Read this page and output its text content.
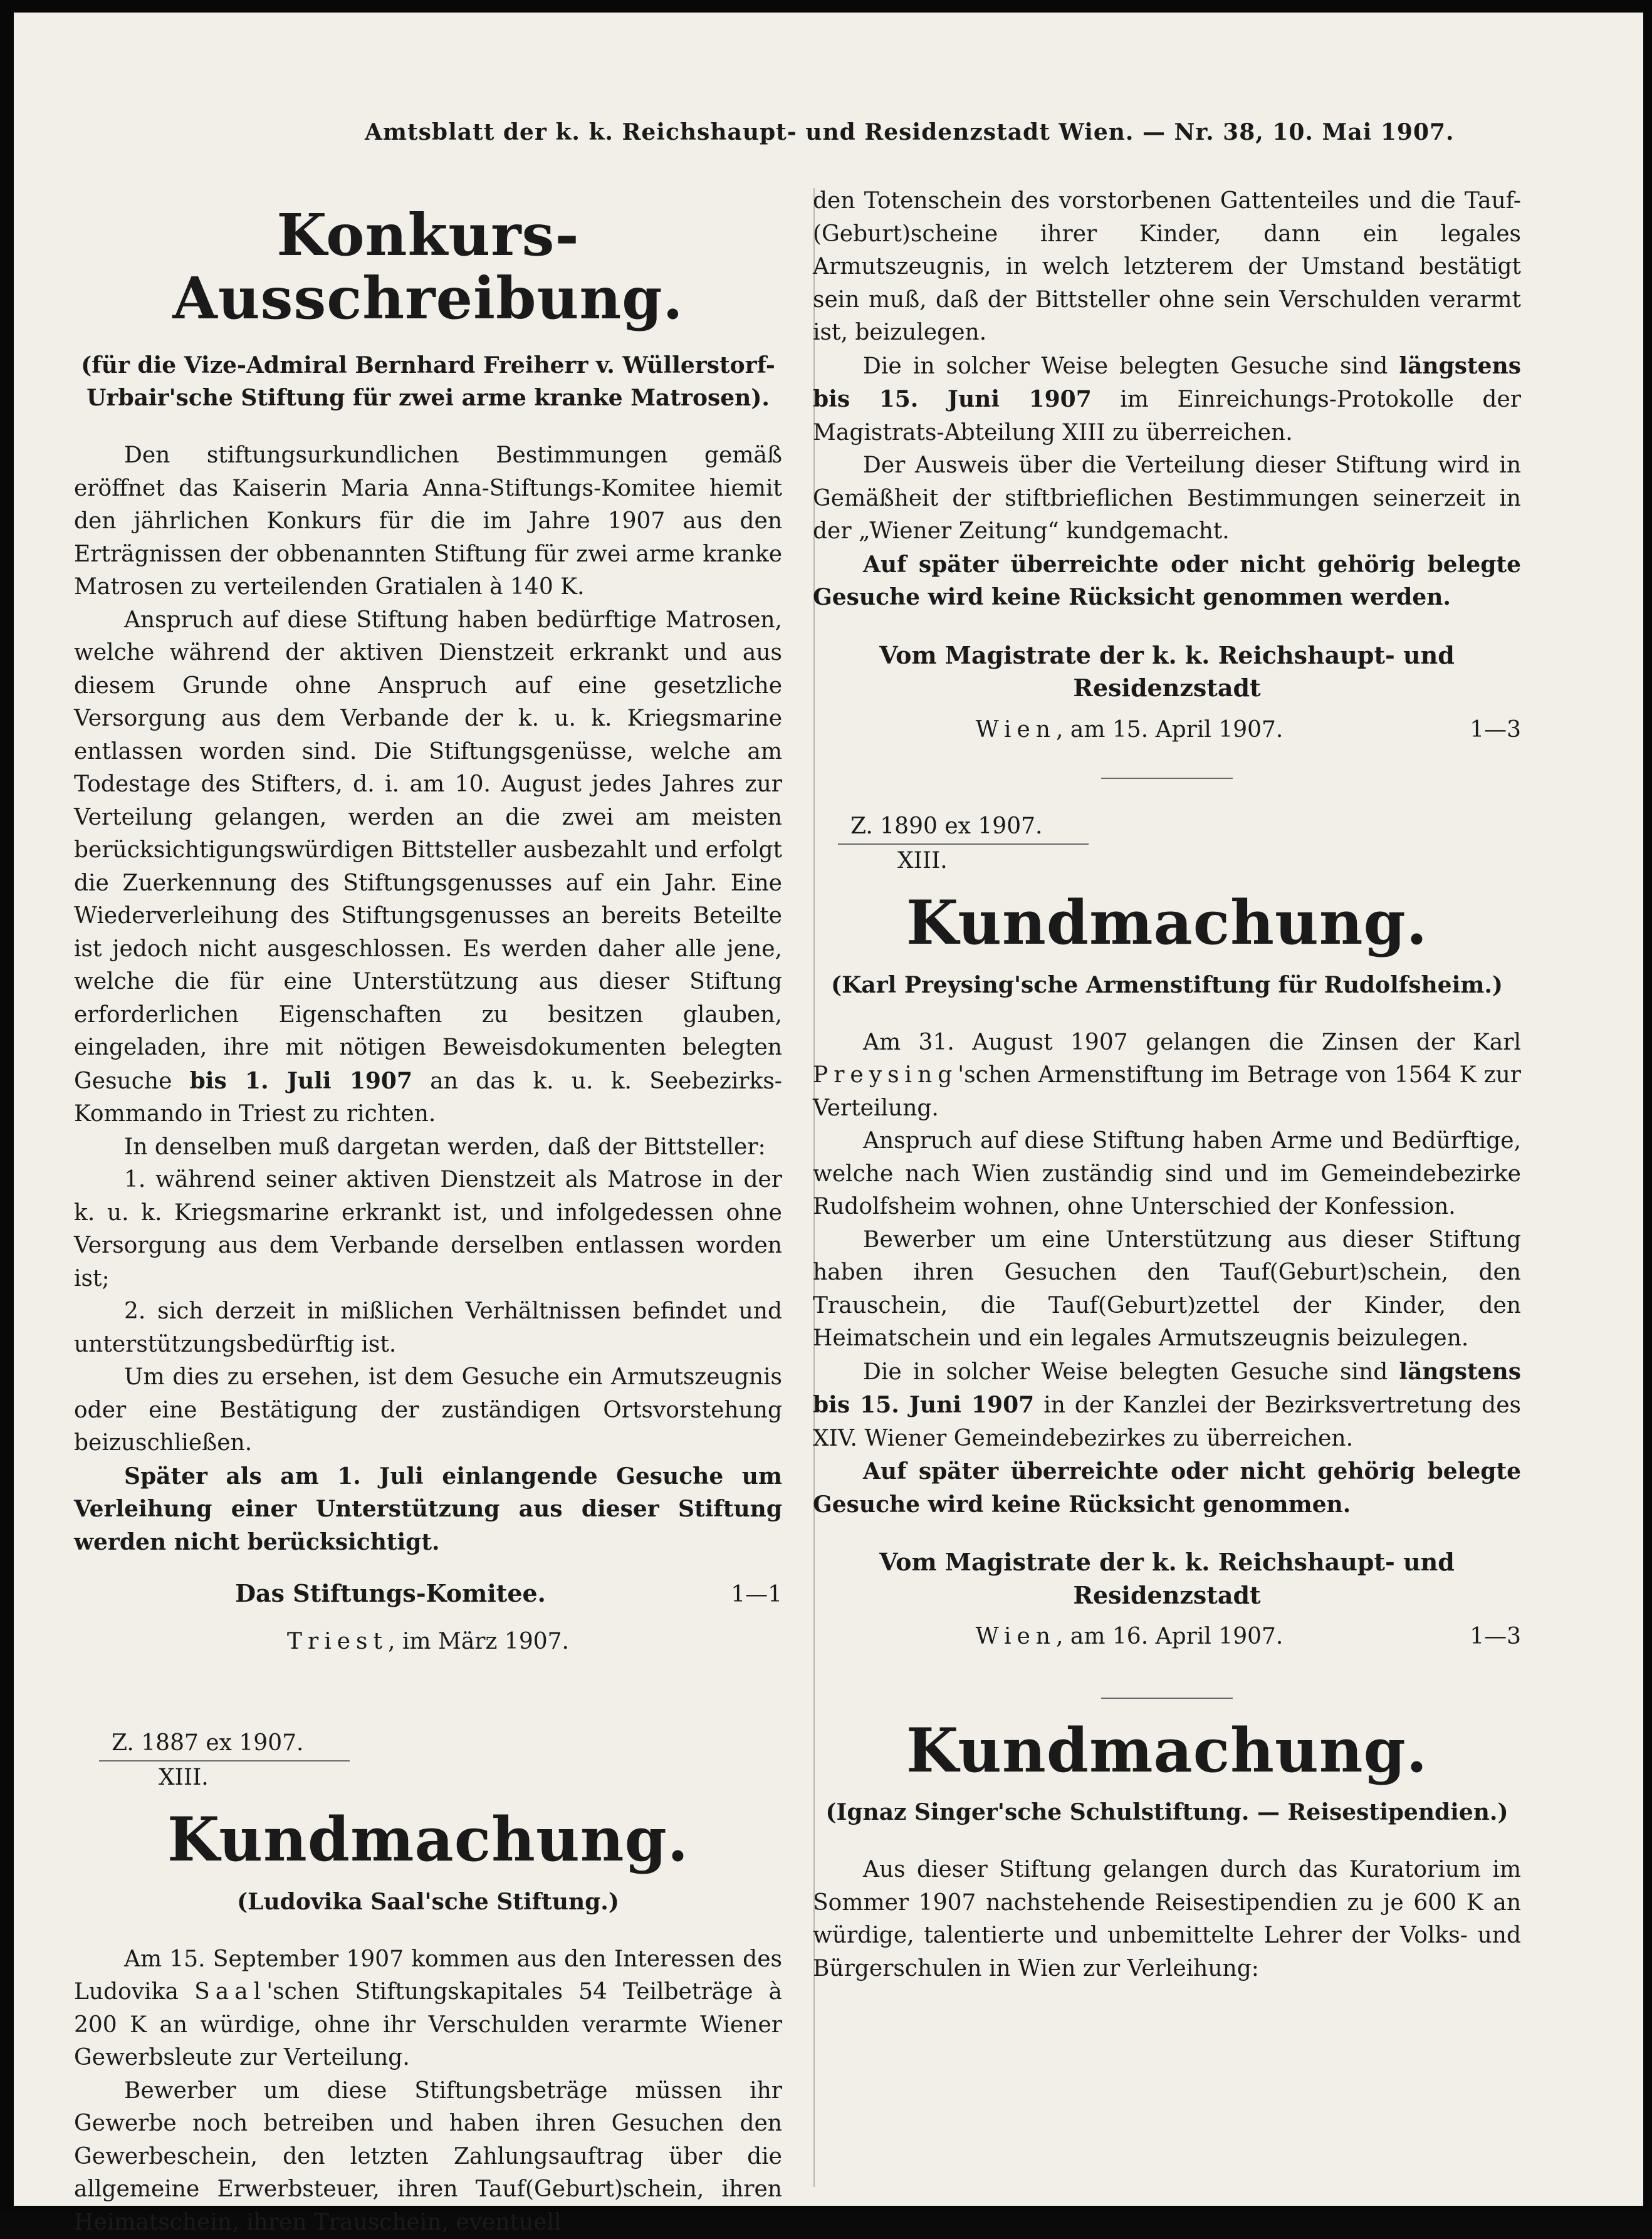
Amtsblatt der k. k. Reichshaupt- und Residenzstadt Wien. — Nr. 38, 10. Mai 1907.
Konkurs-Ausschreibung.
(für die Vize-Admiral Bernhard Freiherr v. Wüllerstorf-Urbair'sche Stiftung für zwei arme kranke Matrosen).

Den stiftungsurkundlichen Bestimmungen gemäß eröffnet das Kaiserin Maria Anna-Stiftungs-Komitee hiemit den jährlichen Konkurs für die im Jahre 1907 aus den Erträgnissen der obbenannten Stiftung für zwei arme kranke Matrosen zu verteilenden Gratialen à 140 K.

Anspruch auf diese Stiftung haben bedürftige Matrosen, welche während der aktiven Dienstzeit erkrankt und aus diesem Grunde ohne Anspruch auf eine gesetzliche Versorgung aus dem Verbande der k. u. k. Kriegsmarine entlassen worden sind. Die Stiftungsgenüsse, welche am Todestage des Stifters, d. i. am 10. August jedes Jahres zur Verteilung gelangen, werden an die zwei am meisten berücksichtigungswürdigen Bittsteller ausbezahlt und erfolgt die Zuerkennung des Stiftungsgenusses auf ein Jahr. Eine Wiederverleihung des Stiftungsgenusses an bereits Beteilte ist jedoch nicht ausgeschlossen. Es werden daher alle jene, welche die für eine Unterstützung aus dieser Stiftung erforderlichen Eigenschaften zu besitzen glauben, eingeladen, ihre mit nötigen Beweisdokumenten belegten Gesuche bis 1. Juli 1907 an das k. u. k. Seebezirks-Kommando in Triest zu richten.

In denselben muß dargetan werden, daß der Bittsteller:

1. während seiner aktiven Dienstzeit als Matrose in der k. u. k. Kriegsmarine erkrankt ist, und infolgedessen ohne Versorgung aus dem Verbande derselben entlassen worden ist;

2. sich derzeit in mißlichen Verhältnissen befindet und unterstützungsbedürftig ist.

Um dies zu ersehen, ist dem Gesuche ein Armutszeugnis oder eine Bestätigung der zuständigen Ortsvorstehung beizuschließen.

Später als am 1. Juli einlangende Gesuche um Verleihung einer Unterstützung aus dieser Stiftung werden nicht berücksichtigt.

Das Stiftungs-Komitee.	1—1
Triest, im März 1907.
Z. 1887 ex 1907.
XIII.
Kundmachung.
(Ludovika Saal'sche Stiftung.)

Am 15. September 1907 kommen aus den Interessen des Ludovika Saal'schen Stiftungskapitales 54 Teilbeträge à 200 K an würdige, ohne ihr Verschulden verarmte Wiener Gewerbsleute zur Verteilung.

Bewerber um diese Stiftungsbeträge müssen ihr Gewerbe noch betreiben und haben ihren Gesuchen den Gewerbeschein, den letzten Zahlungsauftrag über die allgemeine Erwerbsteuer, ihren Tauf(Geburt)schein, ihren Heimatschein, ihren Trauschein, eventuell

den Totenschein des vorstorbenen Gattenteiles und die Tauf-(Geburt)scheine ihrer Kinder, dann ein legales Armutszeugnis, in welch letzterem der Umstand bestätigt sein muß, daß der Bittsteller ohne sein Verschulden verarmt ist, beizulegen.

Die in solcher Weise belegten Gesuche sind längstens bis 15. Juni 1907 im Einreichungs-Protokolle der Magistrats-Abteilung XIII zu überreichen.

Der Ausweis über die Verteilung dieser Stiftung wird in Gemäßheit der stiftbrieflichen Bestimmungen seinerzeit in der „Wiener Zeitung“ kundgemacht.

Auf später überreichte oder nicht gehörig belegte Gesuche wird keine Rücksicht genommen werden.

Vom Magistrate der k. k. Reichshaupt- und Residenzstadt
Wien, am 15. April 1907.	1—3
Z. 1890 ex 1907.
XIII.
Kundmachung.
(Karl Preysing'sche Armenstiftung für Rudolfsheim.)

Am 31. August 1907 gelangen die Zinsen der Karl Preysing'schen Armenstiftung im Betrage von 1564 K zur Verteilung.

Anspruch auf diese Stiftung haben Arme und Bedürftige, welche nach Wien zuständig sind und im Gemeindebezirke Rudolfsheim wohnen, ohne Unterschied der Konfession.

Bewerber um eine Unterstützung aus dieser Stiftung haben ihren Gesuchen den Tauf(Geburt)schein, den Trauschein, die Tauf(Geburt)zettel der Kinder, den Heimatschein und ein legales Armutszeugnis beizulegen.

Die in solcher Weise belegten Gesuche sind längstens bis 15. Juni 1907 in der Kanzlei der Bezirksvertretung des XIV. Wiener Gemeindebezirkes zu überreichen.

Auf später überreichte oder nicht gehörig belegte Gesuche wird keine Rücksicht genommen.

Vom Magistrate der k. k. Reichshaupt- und Residenzstadt
Wien, am 16. April 1907.	1—3
Kundmachung.
(Ignaz Singer'sche Schulstiftung. — Reisestipendien.)

Aus dieser Stiftung gelangen durch das Kuratorium im Sommer 1907 nachstehende Reisestipendien zu je 600 K an würdige, talentierte und unbemittelte Lehrer der Volks- und Bürgerschulen in Wien zur Verleihung:
